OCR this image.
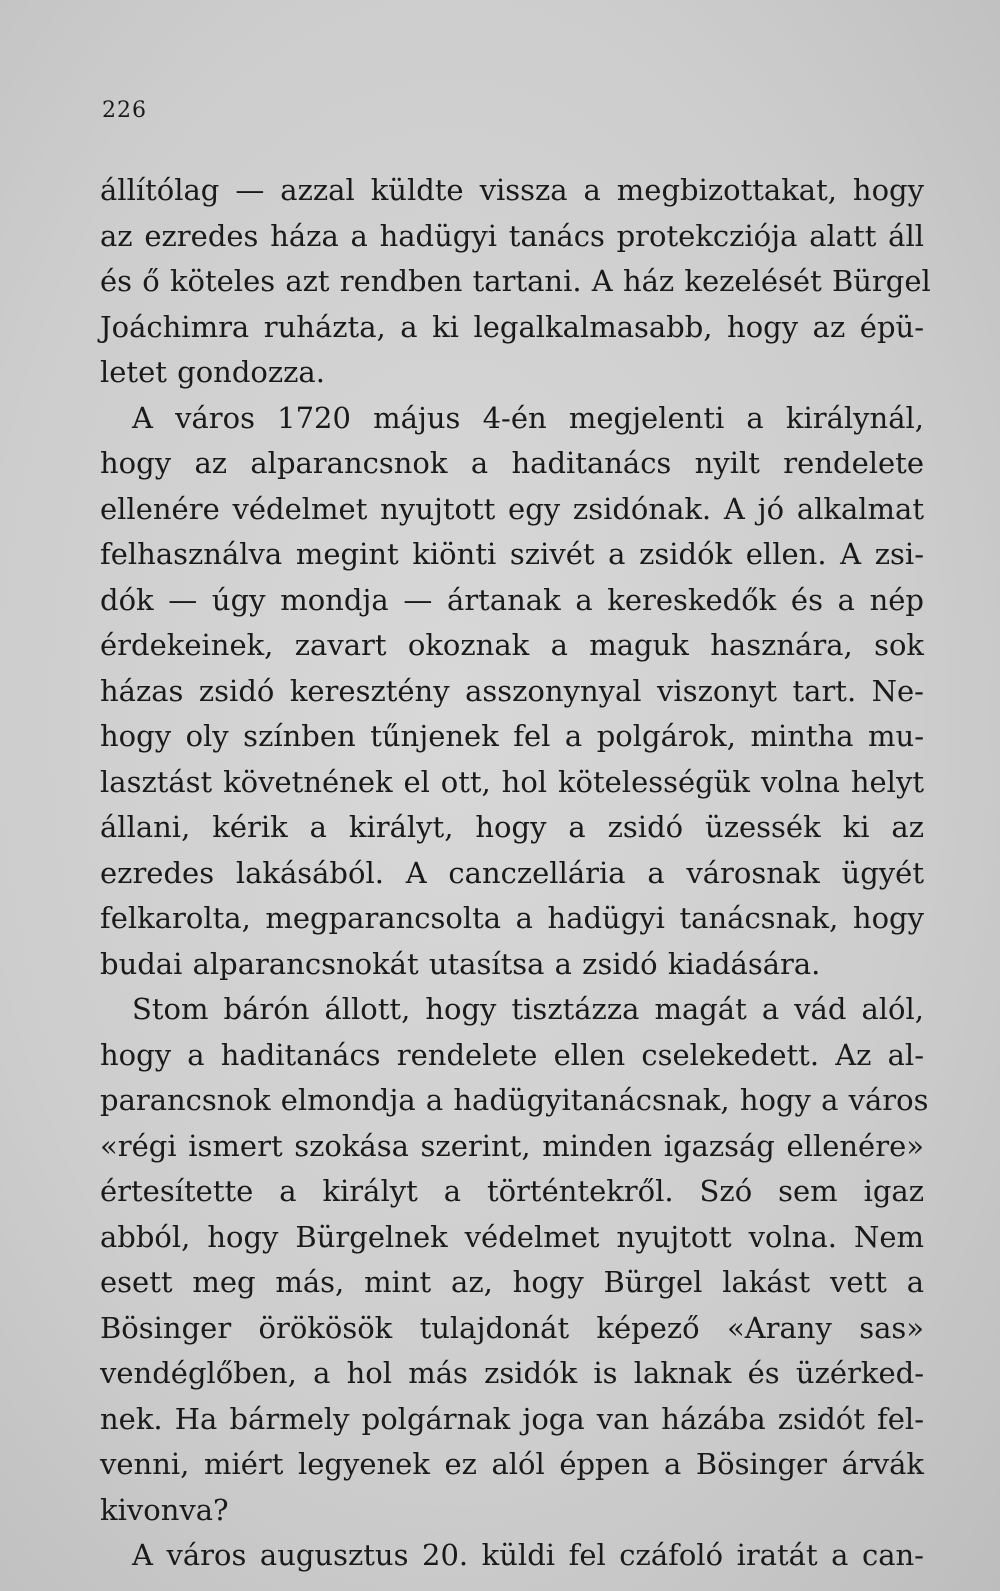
226
állítólag — azzal küldte vissza a megbizottakat, hogy
az ezredes háza a hadügyi tanács protekcziója alatt áll
és ő köteles azt rendben tartani. A ház kezelését Bürgel
Joáchimra ruházta, a ki legalkalmasabb, hogy az épü-
letet gondozza.
A város 1720 május 4-én megjelenti a királynál,
hogy az alparancsnok a haditanács nyilt rendelete
ellenére védelmet nyujtott egy zsidónak. A jó alkalmat
felhasználva megint kiönti szivét a zsidók ellen. A zsi-
dók — úgy mondja — ártanak a kereskedők és a nép
érdekeinek, zavart okoznak a maguk hasznára, sok
házas zsidó keresztény asszonynyal viszonyt tart. Ne-
hogy oly színben tűnjenek fel a polgárok, mintha mu-
lasztást követnének el ott, hol kötelességük volna helyt
állani, kérik a királyt, hogy a zsidó üzessék ki az
ezredes lakásából. A canczellária a városnak ügyét
felkarolta, megparancsolta a hadügyi tanácsnak, hogy
budai alparancsnokát utasítsa a zsidó kiadására.
Stom bárón állott, hogy tisztázza magát a vád alól,
hogy a haditanács rendelete ellen cselekedett. Az al-
parancsnok elmondja a hadügyitanácsnak, hogy a város
«régi ismert szokása szerint, minden igazság ellenére»
értesítette a királyt a történtekről. Szó sem igaz
abból, hogy Bürgelnek védelmet nyujtott volna. Nem
esett meg más, mint az, hogy Bürgel lakást vett a
Bösinger örökösök tulajdonát képező «Arany sas»
vendéglőben, a hol más zsidók is laknak és üzérked-
nek. Ha bármely polgárnak joga van házába zsidót fel-
venni, miért legyenek ez alól éppen a Bösinger árvák
kivonva?
A város augusztus 20. küldi fel czáfoló iratát a can-
